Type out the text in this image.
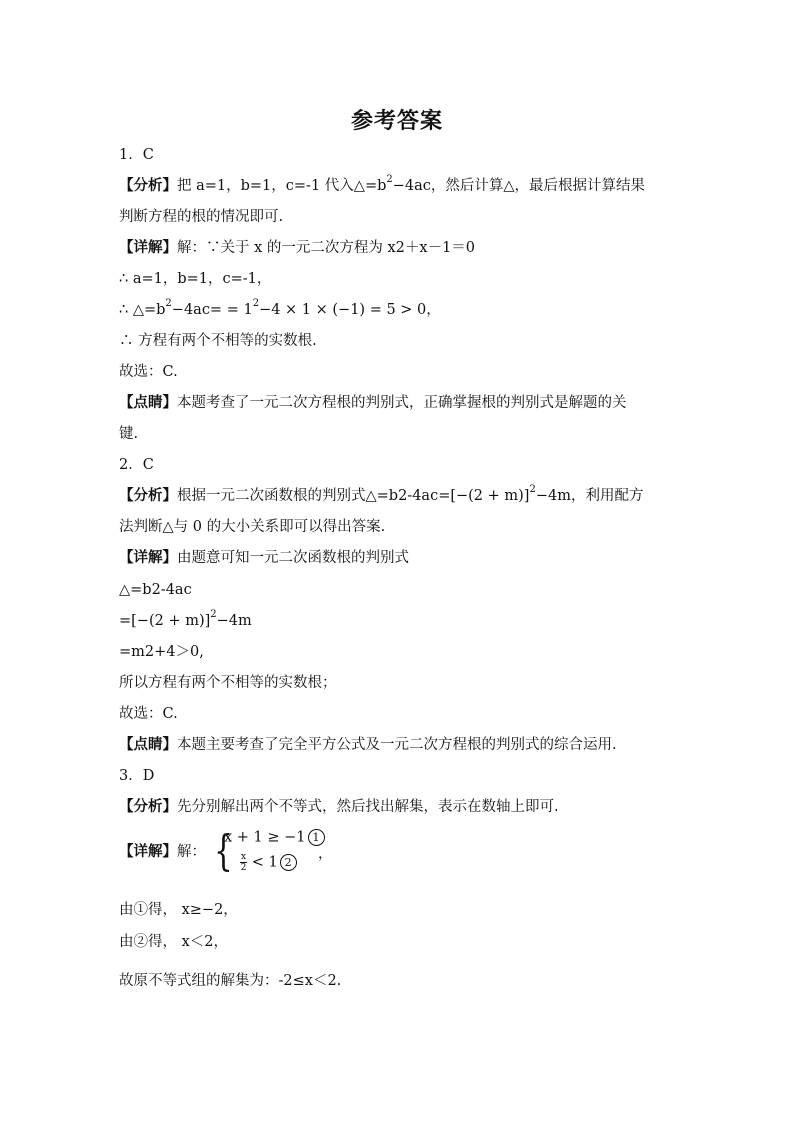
参考答案
1．C
【分析】把 a=1，b=1，c=-1 代入$\triangle=b^2-4ac$，然后计算△，最后根据计算结果
判断方程的根的情况即可.
【详解】解：∵关于 x 的一元二次方程为 x2＋x－1＝0
∴ a=1，b=1，c=-1，
∴ $\triangle=b^2-4ac= = 1^2-4 \times 1 \times (-1) = 5 > 0$，
∴ 方程有两个不相等的实数根.
故选：C.
【点睛】本题考查了一元二次方程根的判别式，正确掌握根的判别式是解题的关
键.
2．C
【分析】根据一元二次函数根的判别式△=b2-4ac=[−(2 + m)]$^2$−4m，利用配方
法判断△与 0 的大小关系即可以得出答案.
【详解】由题意可知一元二次函数根的判别式
△=b2-4ac
$=[-(2 + m)]^2-4m$
=m2+4＞0,
所以方程有两个不相等的实数根；
故选：C.
【点睛】本题主要考查了完全平方公式及一元二次方程根的判别式的综合运用.
3．D
【分析】先分别解出两个不等式，然后找出解集，表示在数轴上即可.
【详解】解： {
x + 1 ≥ −1 1
$\frac{x}{2} < 1$ 2
，
由①得， x≥−2，
由②得， x＜2，
故原不等式组的解集为：-2≤x＜2.
